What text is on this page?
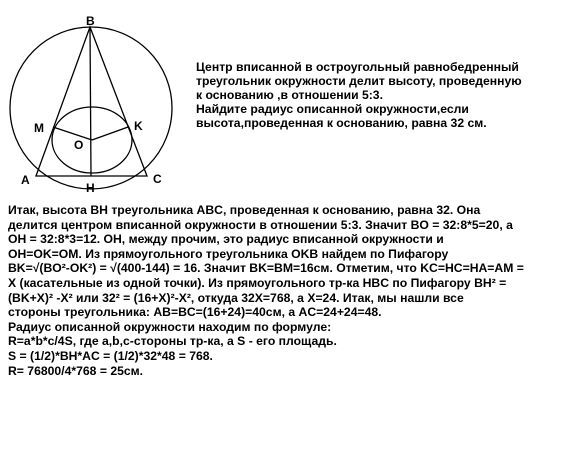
B
M	K
O
A
H
C
Центр вписанной в остроугольный равнобедренный
треугольник окружности делит высоту, проведенную
к основанию ,в отношении 5:3.
Найдите радиус описанной окружности,если
высота,проведенная к основанию, равна 32 см.
Итак, высота BH треугольника ABC, проведенная к основанию, равна 32. Она
делится центром вписанной окружности в отношении 5:3. Значит BO = 32:8*5=20, а
OH = 32:8*3=12. OH, между прочим, это радиус вписанной окружности и
OH=OK=OM. Из прямоугольного треугольника OKB найдем по Пифагору
BK=√(BO²-OK²) = √(400-144) = 16. Значит BK=BM=16см. Отметим, что KC=HC=HA=AM =
X (касательные из одной точки). Из прямоугольного тр-ка HBC по Пифагору BH² =
(BK+X)² -X² или 32² = (16+X)²-X², откуда 32X=768, а X=24. Итак, мы нашли все
стороны треугольника: AB=BC=(16+24)=40см, а AC=24+24=48.
Радиус описанной окружности находим по формуле:
R=a*b*c/4S, где a,b,c-стороны тр-ка, а S - его площадь.
S = (1/2)*BH*AC = (1/2)*32*48 = 768.
R= 76800/4*768 = 25см.
